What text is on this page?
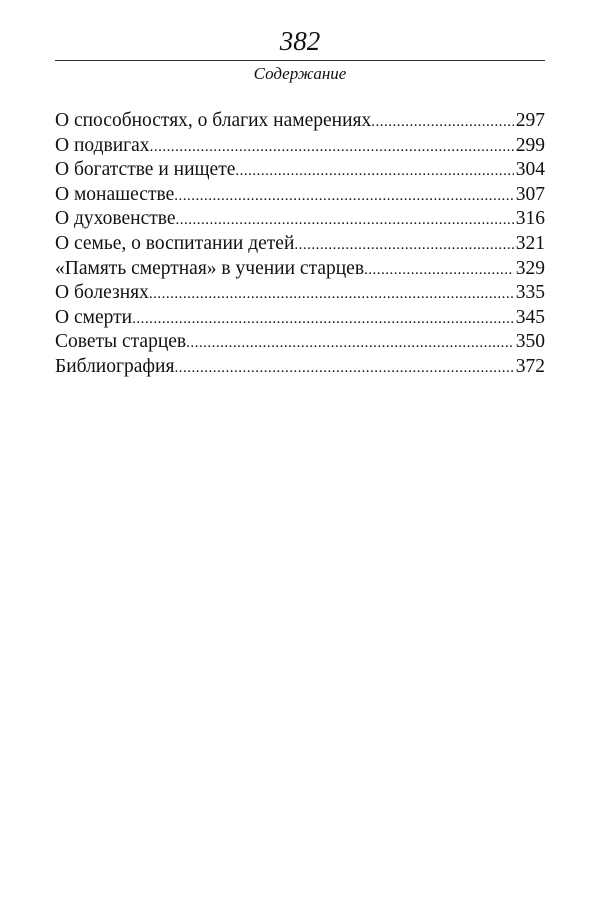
382
Содержание
О способностях, о благих намерениях .....	297
О подвигах .....	299
О богатстве и нищете .....	304
О монашестве .....	307
О духовенстве .....	316
О семье, о воспитании детей .....	321
«Память смертная» в учении старцев .....	329
О болезнях .....	335
О смерти .....	345
Советы старцев .....	350
Библиография .....	372
